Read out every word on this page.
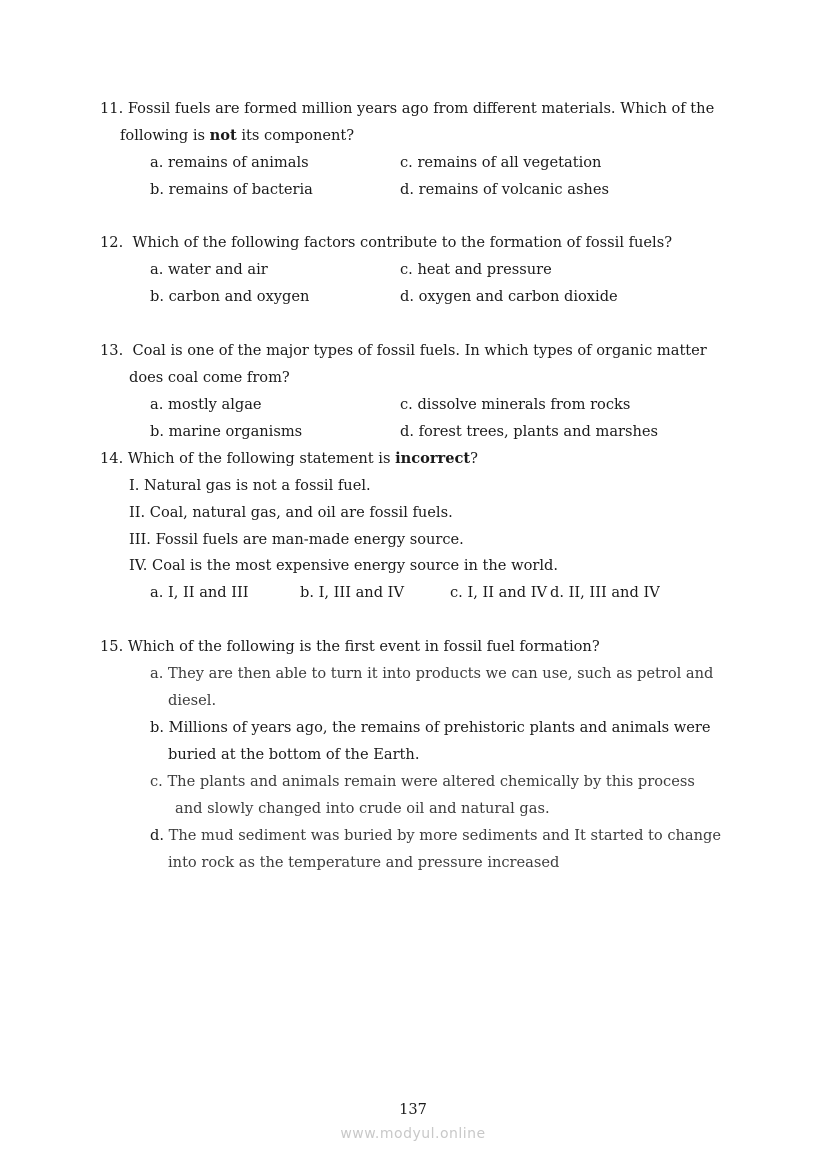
11. Fossil fuels are formed million years ago from different materials. Which of the
following is not its component?
a. remains of animals	c. remains of all vegetation
b. remains of bacteria	d. remains of volcanic ashes
12. Which of the following factors contribute to the formation of fossil fuels?
a. water and air	c. heat and pressure
b. carbon and oxygen	d. oxygen and carbon dioxide
13. Coal is one of the major types of fossil fuels. In which types of organic matter
does coal come from?
a. mostly algae	c. dissolve minerals from rocks
b. marine organisms	d. forest trees, plants and marshes
14. Which of the following statement is incorrect?
I. Natural gas is not a fossil fuel.
II. Coal, natural gas, and oil are fossil fuels.
III. Fossil fuels are man-made energy source.
IV. Coal is the most expensive energy source in the world.
a. I, II and III	b. I, III and IV	c. I, II and IV d. II, III and IV
15. Which of the following is the first event in fossil fuel formation?
a. They are then able to turn it into products we can use, such as petrol and
diesel.
b. Millions of years ago, the remains of prehistoric plants and animals were
buried at the bottom of the Earth.
c. The plants and animals remain were altered chemically by this process
and slowly changed into crude oil and natural gas.
d. The mud sediment was buried by more sediments and It started to change
into rock as the temperature and pressure increased
137
www.modyul.online
